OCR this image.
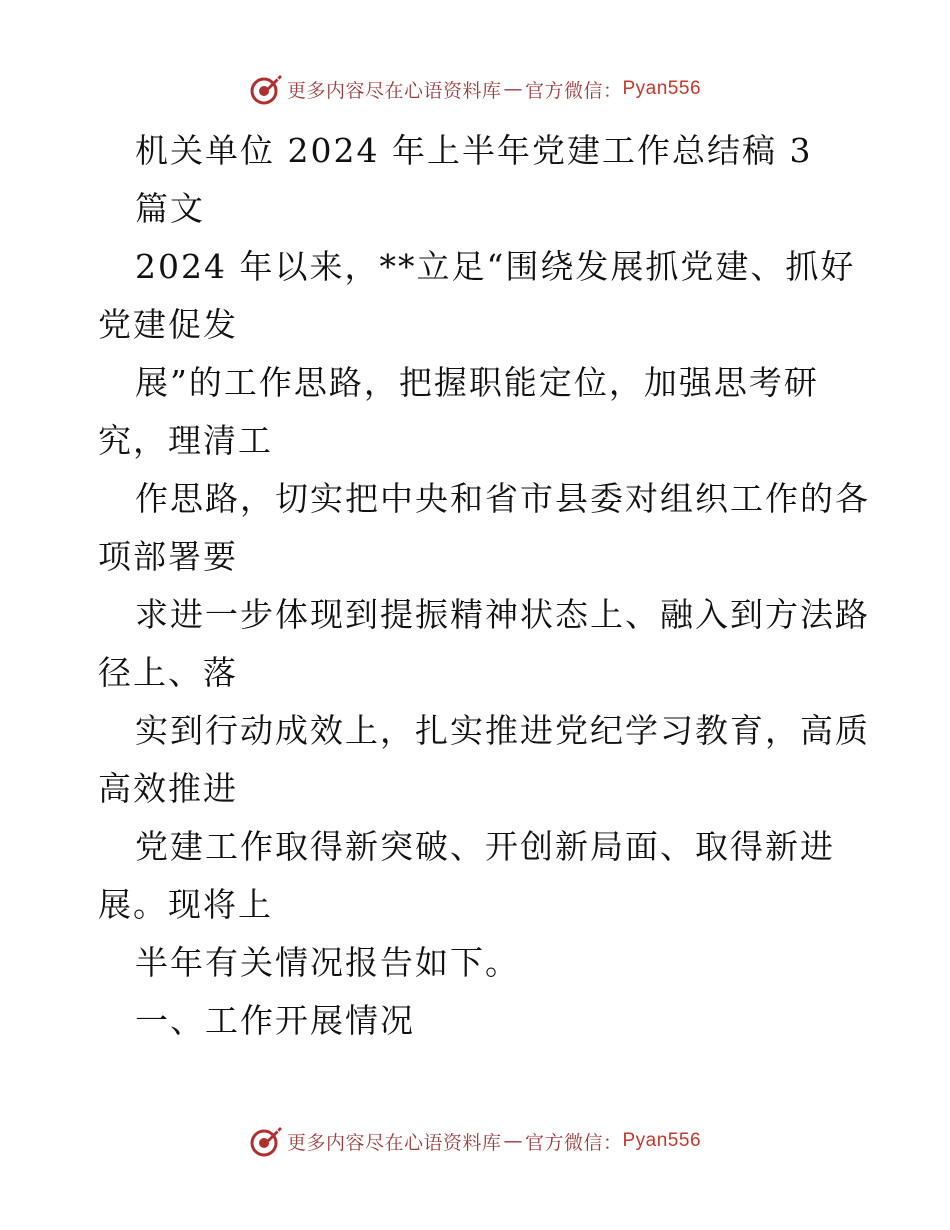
更多内容尽在心语资料库 — 官方微信： Pyan556
机关单位 2024 年上半年党建工作总结稿 3
篇文
2024 年以来，**立足“围绕发展抓党建、抓好
党建促发
展”的工作思路，把握职能定位，加强思考研
究，理清工
作思路，切实把中央和省市县委对组织工作的各
项部署要
求进一步体现到提振精神状态上、融入到方法路
径上、落
实到行动成效上，扎实推进党纪学习教育，高质
高效推进
党建工作取得新突破、开创新局面、取得新进
展。现将上
半年有关情况报告如下。
一、工作开展情况
更多内容尽在心语资料库 — 官方微信： Pyan556
